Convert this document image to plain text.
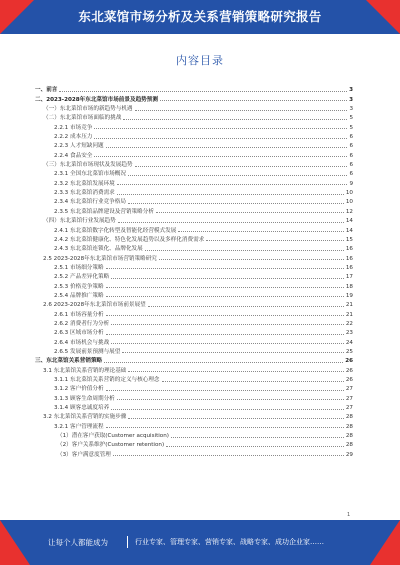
东北菜馆市场分析及关系营销策略研究报告
内容目录
一、前言	3
二、2023-2028年东北菜馆市场前景及趋势预测	3
（一）东北菜馆市场的新趋势与机遇	3
（二）东北菜馆市场面临的挑战	5
2.2.1 市场竞争	5
2.2.2 成本压力	6
2.2.3 人才短缺问题	6
2.2.4 食品安全	6
（三）东北菜馆市场现状及发展趋势	6
2.3.1 全国东北菜馆市场概况	6
2.3.2 东北菜馆发展环境	9
2.3.3 东北菜馆消费需求	10
2.3.4 东北菜馆行业竞争格局	10
2.3.5 东北菜馆品牌建设及营销策略分析	12
（四）东北菜馆行业发展趋势	14
2.4.1 东北菜馆数字化转型及智能化经营模式发展	14
2.4.2 东北菜馆健康化、特色化发展趋势以及多样化消费需求	15
2.4.3 东北菜馆连锁化、品牌化发展	16
2.5 2023-2028年东北菜馆市场营销策略研究	16
2.5.1 市场细分策略	16
2.5.2 产品差异化策略	17
2.5.3 价格竞争策略	18
2.5.4 品牌推广策略	19
2.6 2023-2028年东北菜馆市场前景展望	21
2.6.1 市场容量分析	21
2.6.2 消费者行为分析	22
2.6.3 区域市场分析	23
2.6.4 市场机会与挑战	24
2.6.5 发展前景预测与展望	25
三、东北菜馆关系营销策略	26
3.1 东北菜馆关系营销的理论基础	26
3.1.1 东北菜馆关系营销的定义与核心理念	26
3.1.2 客户价值分析	27
3.1.3 顾客生命周期分析	27
3.1.4 顾客忠诚度培养	27
3.2 东北菜馆关系营销的实施步骤	28
3.2.1 客户管理流程	28
（1）潜在客户获取(Customer acquisition)	28
（2）客户关系维护(Customer retention)	28
（3）客户满意度管理	29
1
让每个人都能成为	行业专家、管理专家、营销专家、战略专家、成功企业家……
